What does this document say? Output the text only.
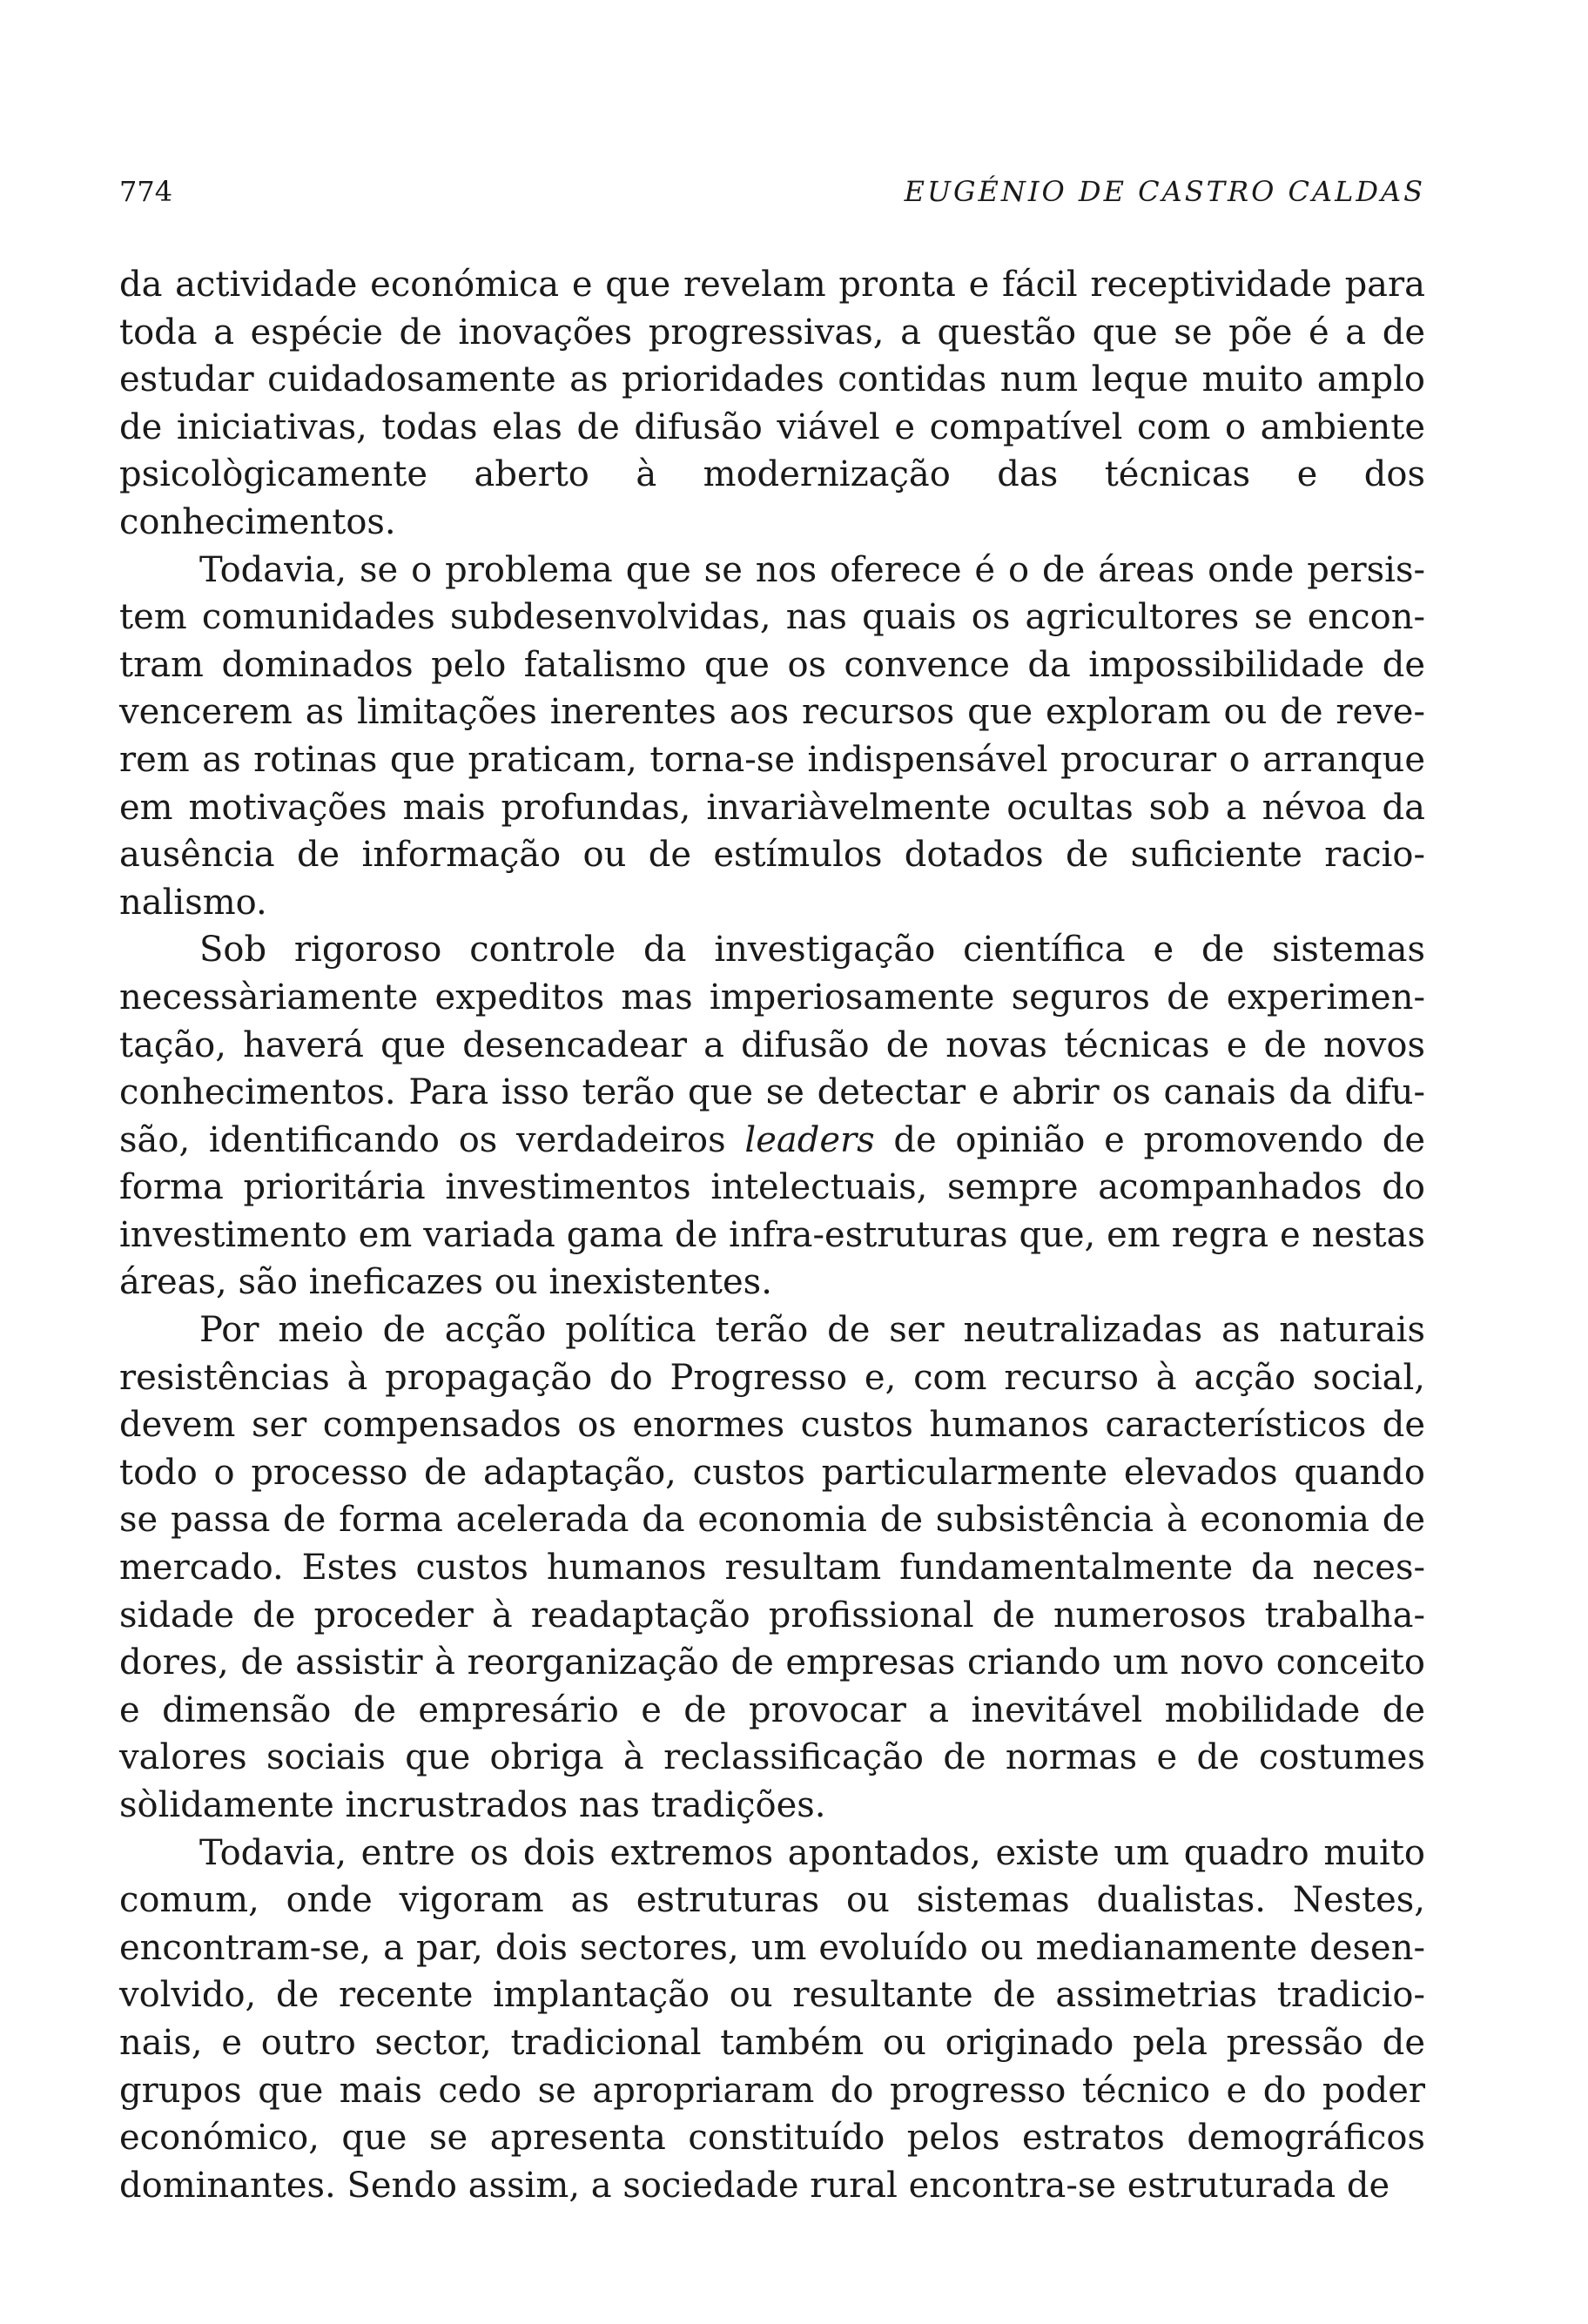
774	EUGÉNIO DE CASTRO CALDAS

da actividade económica e que revelam pronta e fácil receptividade para toda a espécie de inovações progressivas, a questão que se põe é a de estudar cuidadosamente as prioridades contidas num leque muito amplo de iniciativas, todas elas de difusão viável e compatível com o ambiente psicològicamente aberto à modernização das técnicas e dos conhecimentos.

Todavia, se o problema que se nos oferece é o de áreas onde persistem comunidades subdesenvolvidas, nas quais os agricultores se encontram dominados pelo fatalismo que os convence da impossibilidade de vencerem as limitações inerentes aos recursos que exploram ou de reverem as rotinas que praticam, torna-se indispensável procurar o arranque em motivações mais profundas, invariàvelmente ocultas sob a névoa da ausência de informação ou de estímulos dotados de suficiente racionalismo.

Sob rigoroso controle da investigação científica e de sistemas necessàriamente expeditos mas imperiosamente seguros de experimentação, haverá que desencadear a difusão de novas técnicas e de novos conhecimentos. Para isso terão que se detectar e abrir os canais da difusão, identificando os verdadeiros leaders de opinião e promovendo de forma prioritária investimentos intelectuais, sempre acompanhados do investimento em variada gama de infra-estruturas que, em regra e nestas áreas, são ineficazes ou inexistentes.

Por meio de acção política terão de ser neutralizadas as naturais resistências à propagação do Progresso e, com recurso à acção social, devem ser compensados os enormes custos humanos característicos de todo o processo de adaptação, custos particularmente elevados quando se passa de forma acelerada da economia de subsistência à economia de mercado. Estes custos humanos resultam fundamentalmente da necessidade de proceder à readaptação profissional de numerosos trabalhadores, de assistir à reorganização de empresas criando um novo conceito e dimensão de empresário e de provocar a inevitável mobilidade de valores sociais que obriga à reclassificação de normas e de costumes sòlidamente incrustrados nas tradições.

Todavia, entre os dois extremos apontados, existe um quadro muito comum, onde vigoram as estruturas ou sistemas dualistas. Nestes, encontram-se, a par, dois sectores, um evoluído ou medianamente desenvolvido, de recente implantação ou resultante de assimetrias tradicionais, e outro sector, tradicional também ou originado pela pressão de grupos que mais cedo se apropriaram do progresso técnico e do poder económico, que se apresenta constituído pelos estratos demográficos dominantes. Sendo assim, a sociedade rural encontra-se estruturada de
